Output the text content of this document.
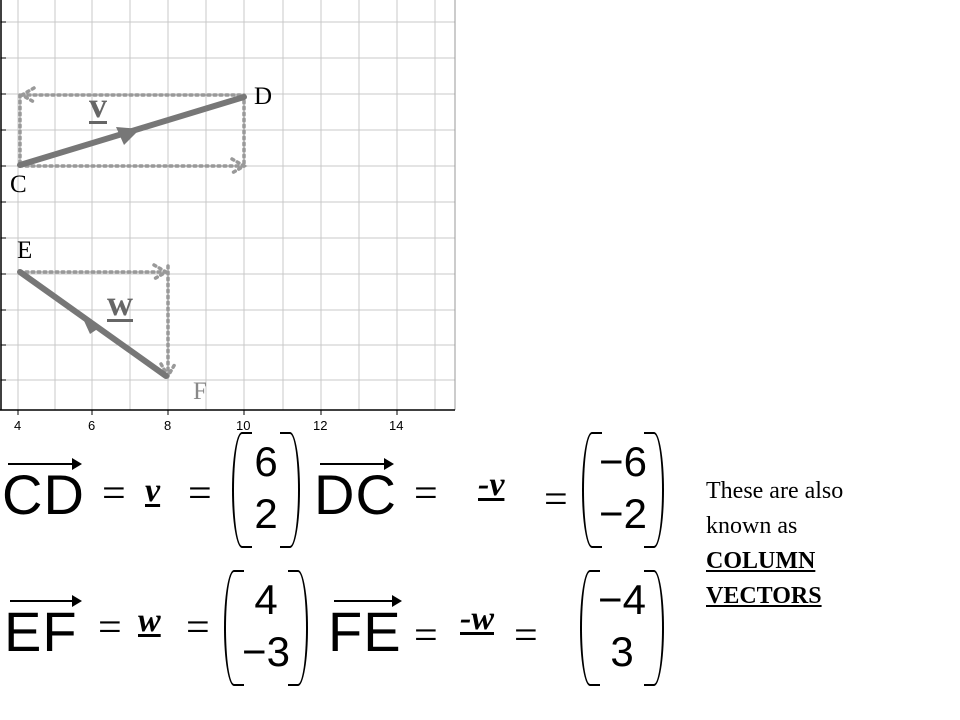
4	6	8	10	12	14
D
C
E
F
v
w
CD = v =
6
2 DC = -v =
−6
−2
EF = w =
4
−3 FE = -w =
−4
3
These are also
known as
COLUMN
VECTORS
